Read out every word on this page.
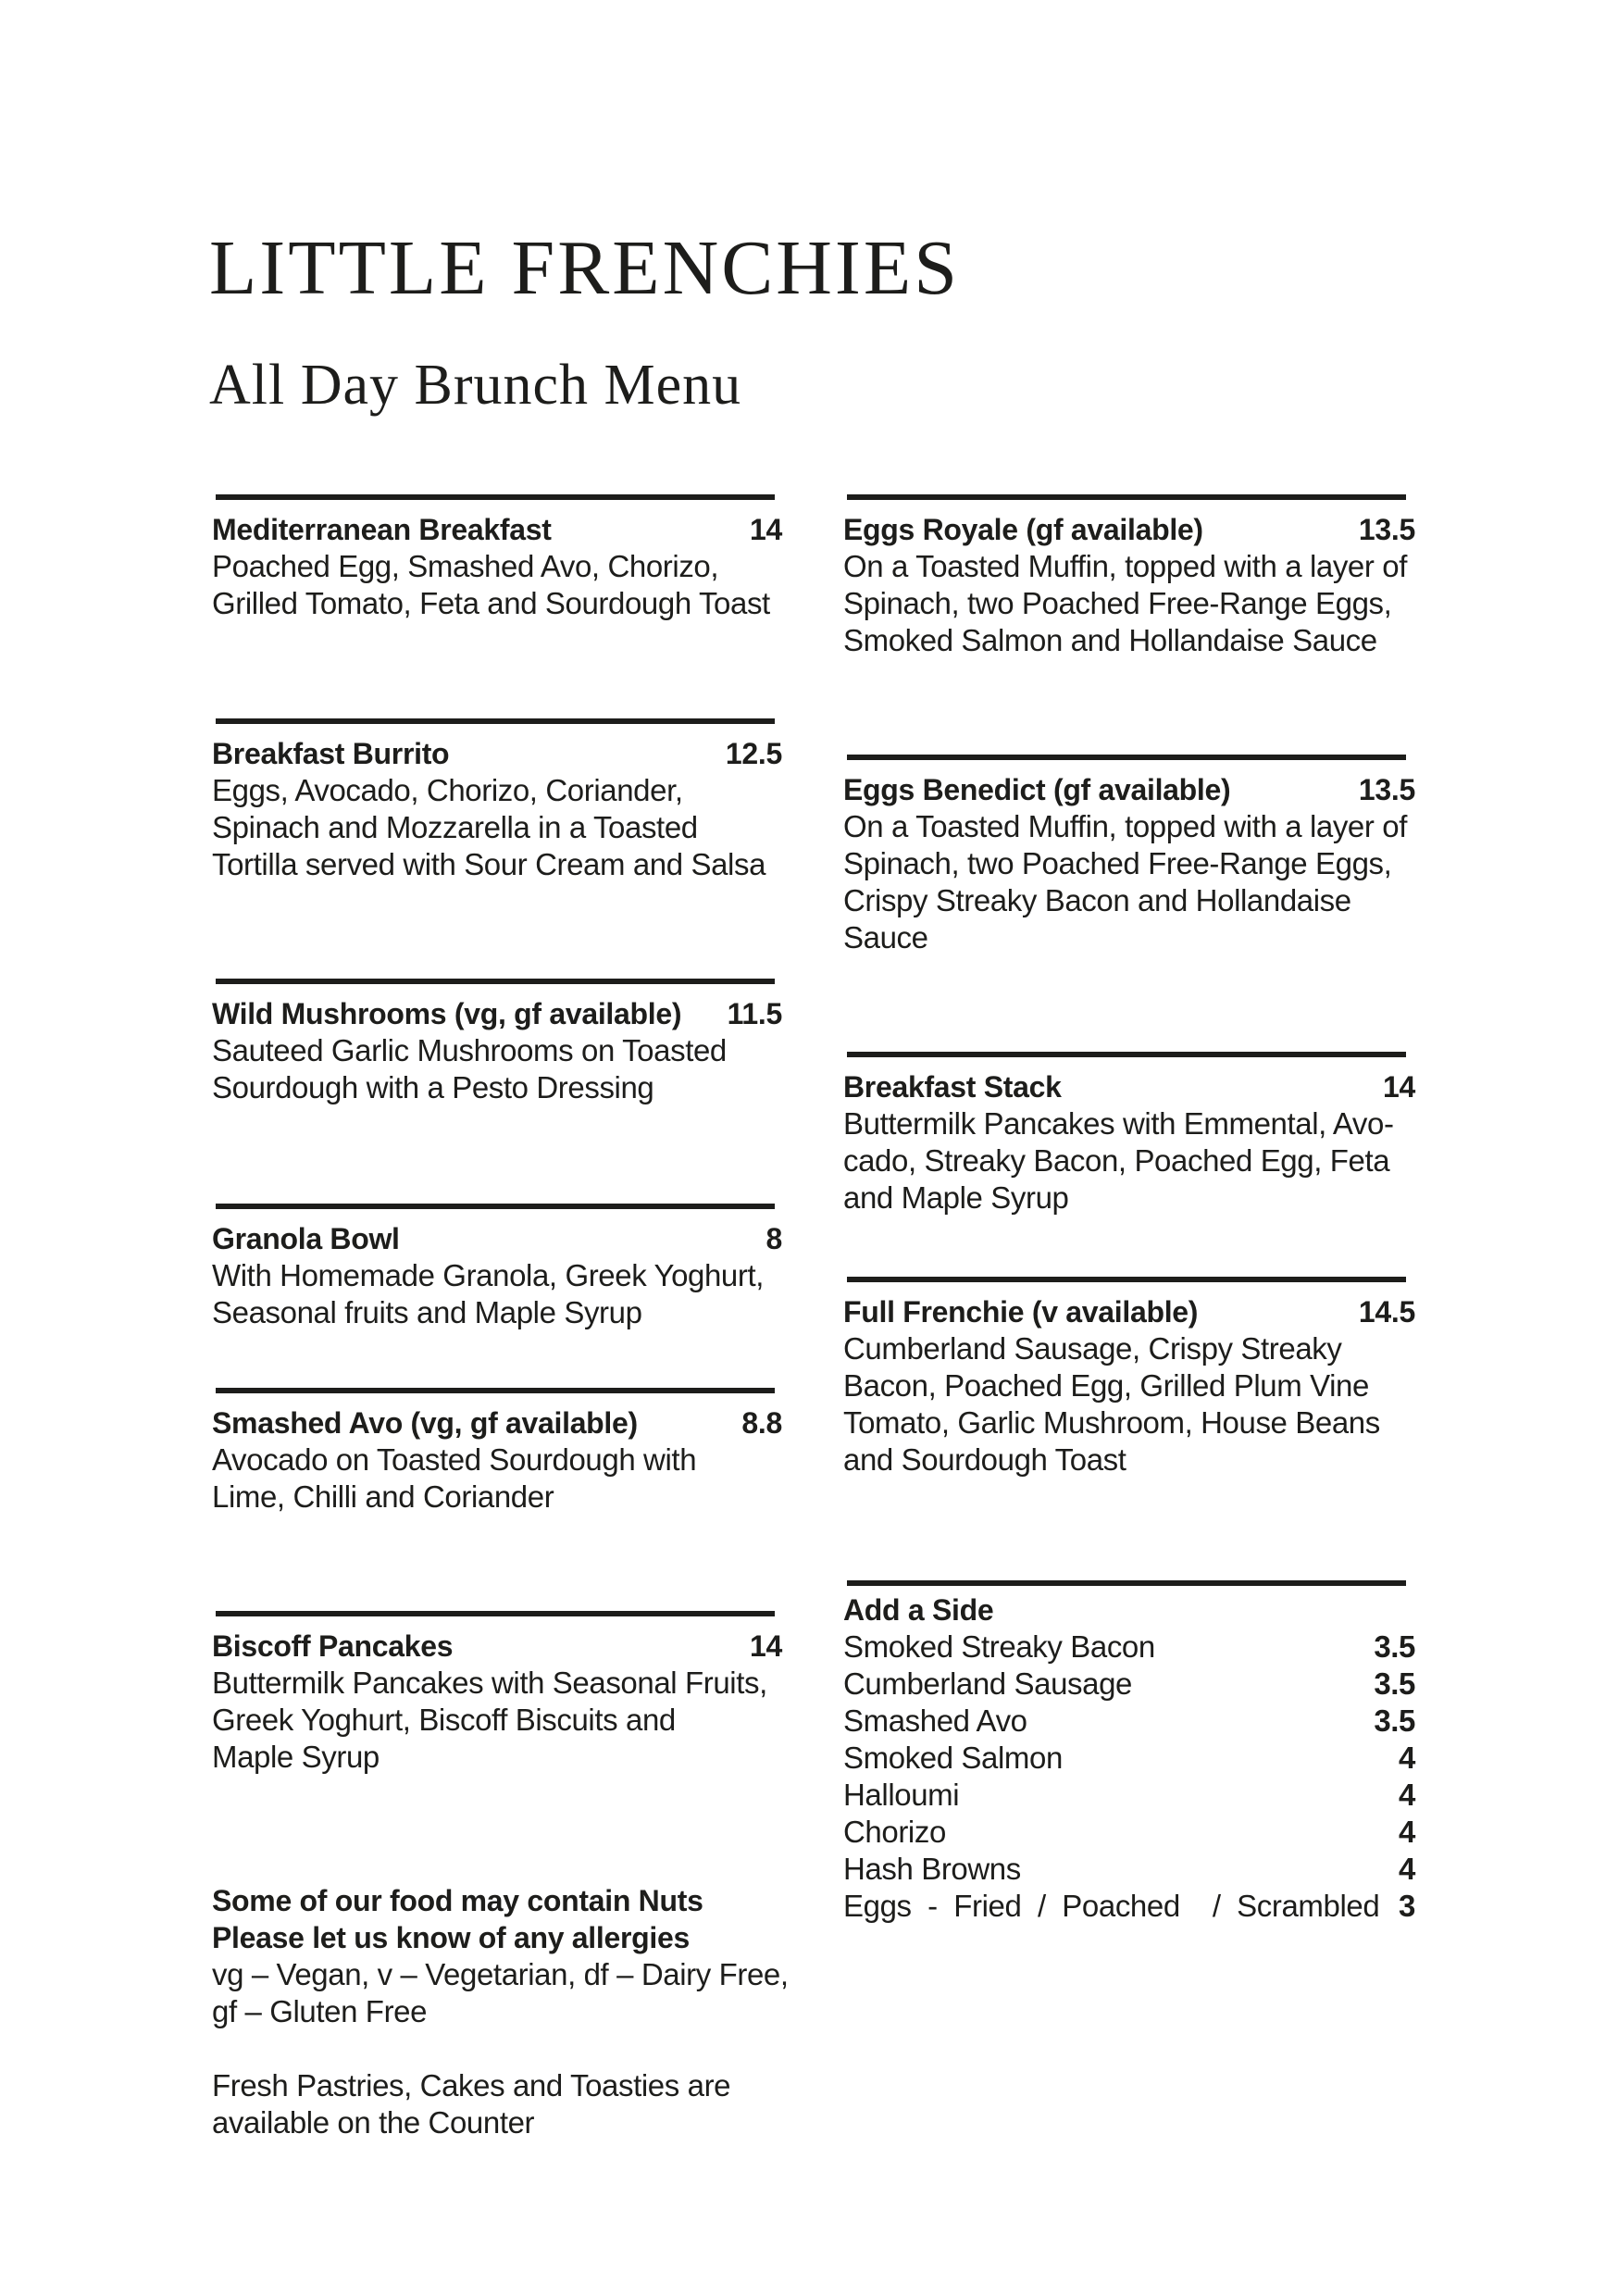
LITTLE FRENCHIES
All Day Brunch Menu
Mediterranean Breakfast	14
Poached Egg, Smashed Avo, Chorizo,
Grilled Tomato, Feta and Sourdough Toast
Breakfast Burrito	12.5
Eggs, Avocado, Chorizo, Coriander,
Spinach and Mozzarella in a Toasted
Tortilla served with Sour Cream and Salsa
Wild Mushrooms (vg, gf available) 11.5
Sauteed Garlic Mushrooms on Toasted
Sourdough with a Pesto Dressing
Granola Bowl	8
With Homemade Granola, Greek Yoghurt,
Seasonal fruits and Maple Syrup
Smashed Avo (vg, gf available)	8.8
Avocado on Toasted Sourdough with
Lime, Chilli and Coriander
Biscoff Pancakes	14
Buttermilk Pancakes with Seasonal Fruits,
Greek Yoghurt, Biscoff Biscuits and
Maple Syrup
Eggs Royale (gf available)	13.5
On a Toasted Muffin, topped with a layer of
Spinach, two Poached Free-Range Eggs,
Smoked Salmon and Hollandaise Sauce
Eggs Benedict (gf available)	13.5
On a Toasted Muffin, topped with a layer of
Spinach, two Poached Free-Range Eggs,
Crispy Streaky Bacon and Hollandaise
Sauce
Breakfast Stack	14
Buttermilk Pancakes with Emmental, Avo-
cado, Streaky Bacon, Poached Egg, Feta
and Maple Syrup
Full Frenchie (v available)	14.5
Cumberland Sausage, Crispy Streaky
Bacon, Poached Egg, Grilled Plum Vine
Tomato, Garlic Mushroom, House Beans
and Sourdough Toast
Add a Side
Smoked Streaky Bacon	3.5
Cumberland Sausage	3.5
Smashed Avo	3.5
Smoked Salmon	4
Halloumi	4
Chorizo	4
Hash Browns	4
Eggs  -  Fried  /  Poached    /  Scrambled 3
Some of our food may contain Nuts
Please let us know of any allergies
vg – Vegan, v – Vegetarian, df – Dairy Free,
gf – Gluten Free
Fresh Pastries, Cakes and Toasties are
available on the Counter
